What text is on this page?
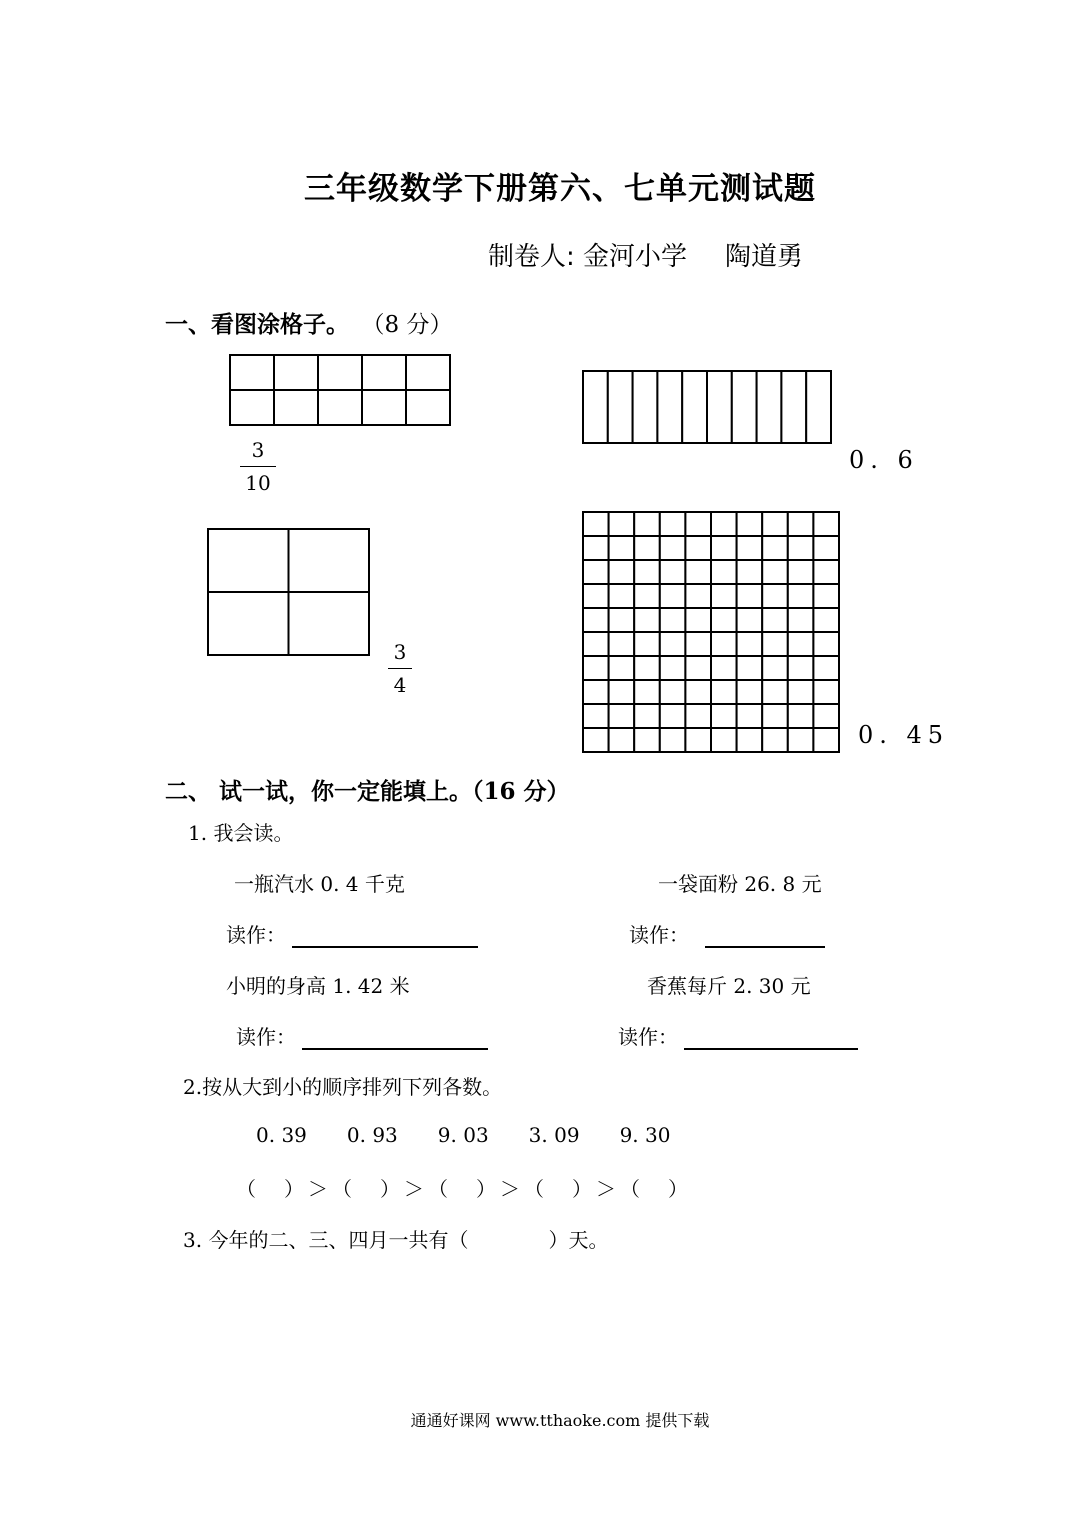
三年级数学下册第六、七单元测试题
制卷人: 金河小学 陶道勇
一、看图涂格子。 （8 分）
3
10
0. 6
3
4
0. 45
二、 试一试，你一定能填上。（16 分）
1. 我会读。
一瓶汽水 0. 4 千克	一袋面粉 26. 8 元
读作：	读作：
小明的身高 1. 42 米	香蕉每斤 2. 30 元
读作：	读作：
2.按从大到小的顺序排列下列各数。
0. 39 0. 93 9. 03 3. 09 9. 30
（　）＞（　）＞（　）＞（　）＞（　）
3. 今年的二、三、四月一共有（　　　　）天。
通通好课网 www.tthaoke.com 提供下载
